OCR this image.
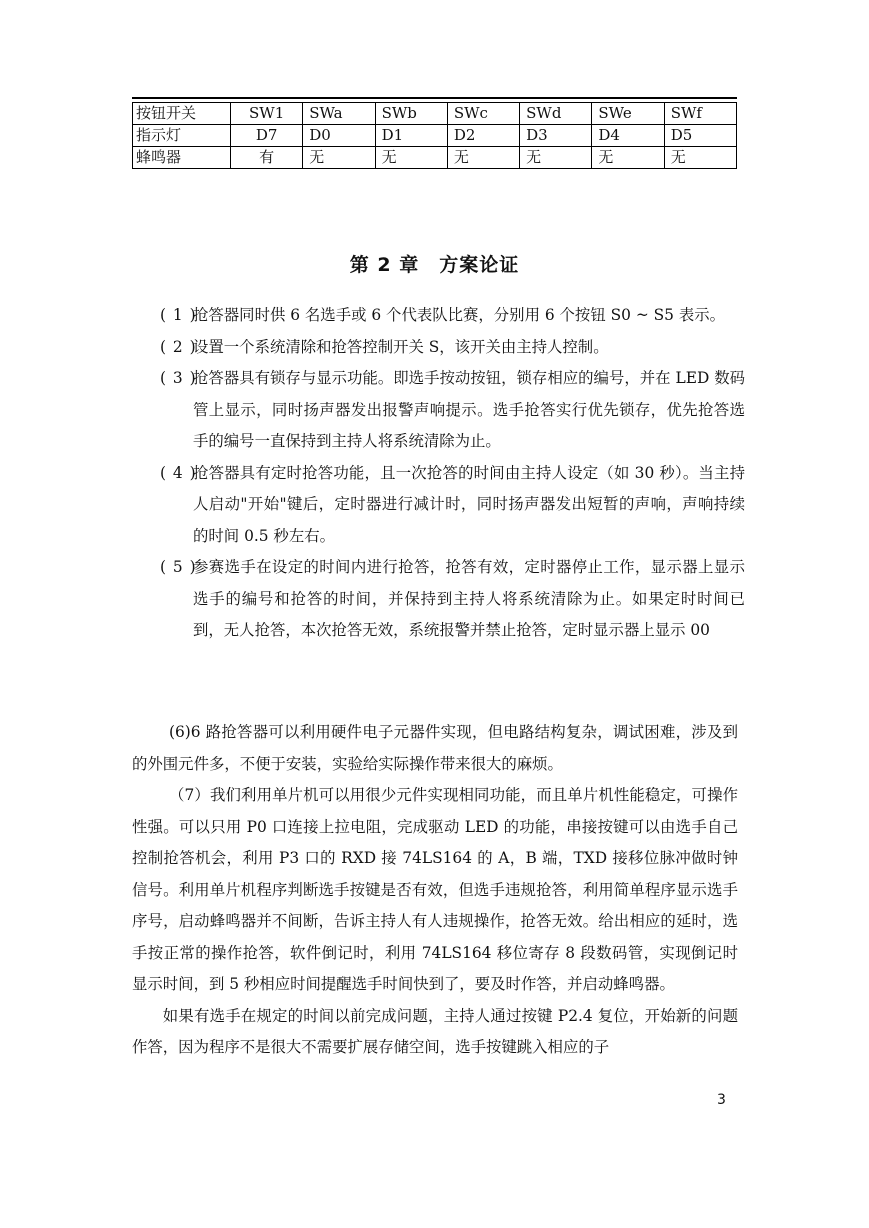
按钮开关	SW1	SWa	SWb	SWc	SWd	SWe	SWf
指示灯	D7	D0	D1	D2	D3	D4	D5
蜂鸣器	有	无	无	无	无	无	无
第 2 章　方案论证
( 1 )
抢答器同时供 6 名选手或 6 个代表队比赛，分别用 6 个按钮 S0 ~ S5 表示。
( 2 )
设置一个系统清除和抢答控制开关 S，该开关由主持人控制。
( 3 )
抢答器具有锁存与显示功能。即选手按动按钮，锁存相应的编号，并在 LED 数码管上显示，同时扬声器发出报警声响提示。选手抢答实行优先锁存，优先抢答选手的编号一直保持到主持人将系统清除为止。
( 4 )
抢答器具有定时抢答功能，且一次抢答的时间由主持人设定（如 30 秒）。当主持人启动"开始"键后，定时器进行减计时，同时扬声器发出短暂的声响，声响持续的时间 0.5 秒左右。
( 5 )
参赛选手在设定的时间内进行抢答，抢答有效，定时器停止工作，显示器上显示选手的编号和抢答的时间，并保持到主持人将系统清除为止。如果定时时间已到，无人抢答，本次抢答无效，系统报警并禁止抢答，定时显示器上显示 00

(6)6 路抢答器可以利用硬件电子元器件实现，但电路结构复杂，调试困难，涉及到的外围元件多，不便于安装，实验给实际操作带来很大的麻烦。

（7）我们利用单片机可以用很少元件实现相同功能，而且单片机性能稳定，可操作性强。可以只用 P0 口连接上拉电阻，完成驱动 LED 的功能，串接按键可以由选手自己控制抢答机会，利用 P3 口的 RXD 接 74LS164 的 A，B 端，TXD 接移位脉冲做时钟信号。利用单片机程序判断选手按键是否有效，但选手违规抢答，利用简单程序显示选手序号，启动蜂鸣器并不间断，告诉主持人有人违规操作，抢答无效。给出相应的延时，选手按正常的操作抢答，软件倒记时，利用 74LS164 移位寄存 8 段数码管，实现倒记时显示时间，到 5 秒相应时间提醒选手时间快到了，要及时作答，并启动蜂鸣器。

如果有选手在规定的时间以前完成问题，主持人通过按键 P2.4 复位，开始新的问题作答，因为程序不是很大不需要扩展存储空间，选手按键跳入相应的子

3
